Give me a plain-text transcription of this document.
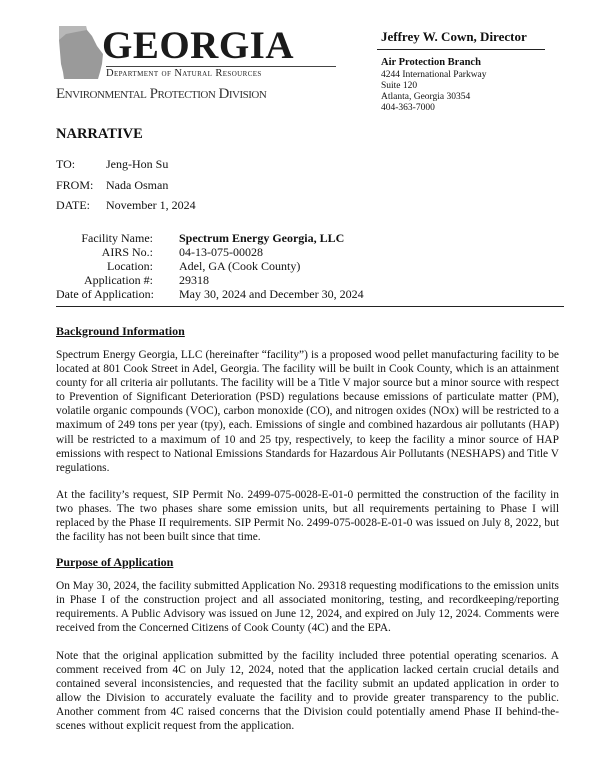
GEORGIA
Department of Natural Resources
Environmental Protection Division
Jeffrey W. Cown, Director
Air Protection Branch
4244 International Parkway
Suite 120
Atlanta, Georgia 30354
404-363-7000
NARRATIVE
TO:	Jeng-Hon Su
FROM: Nada Osman
DATE: November 1, 2024
Facility Name: Spectrum Energy Georgia, LLC
AIRS No.: 04-13-075-00028
Location: Adel, GA (Cook County)
Application #: 29318
Date of Application: May 30, 2024 and December 30, 2024
Background Information
Spectrum Energy Georgia, LLC (hereinafter “facility”) is a proposed wood pellet manufacturing facility to be located at 801 Cook Street in Adel, Georgia. The facility will be built in Cook County, which is an attainment county for all criteria air pollutants. The facility will be a Title V major source but a minor source with respect to Prevention of Significant Deterioration (PSD) regulations because emissions of particulate matter (PM), volatile organic compounds (VOC), carbon monoxide (CO), and nitrogen oxides (NOx) will be restricted to a maximum of 249 tons per year (tpy), each. Emissions of single and combined hazardous air pollutants (HAP) will be restricted to a maximum of 10 and 25 tpy, respectively, to keep the facility a minor source of HAP emissions with respect to National Emissions Standards for Hazardous Air Pollutants (NESHAPS) and Title V regulations.
At the facility’s request, SIP Permit No. 2499-075-0028-E-01-0 permitted the construction of the facility in two phases. The two phases share some emission units, but all requirements pertaining to Phase I will replaced by the Phase II requirements. SIP Permit No. 2499-075-0028-E-01-0 was issued on July 8, 2022, but the facility has not been built since that time.
Purpose of Application
On May 30, 2024, the facility submitted Application No. 29318 requesting modifications to the emission units in Phase I of the construction project and all associated monitoring, testing, and recordkeeping/reporting requirements. A Public Advisory was issued on June 12, 2024, and expired on July 12, 2024. Comments were received from the Concerned Citizens of Cook County (4C) and the EPA.
Note that the original application submitted by the facility included three potential operating scenarios. A comment received from 4C on July 12, 2024, noted that the application lacked certain crucial details and contained several inconsistencies, and requested that the facility submit an updated application in order to allow the Division to accurately evaluate the facility and to provide greater transparency to the public. Another comment from 4C raised concerns that the Division could potentially amend Phase II behind-the-scenes without explicit request from the application.
